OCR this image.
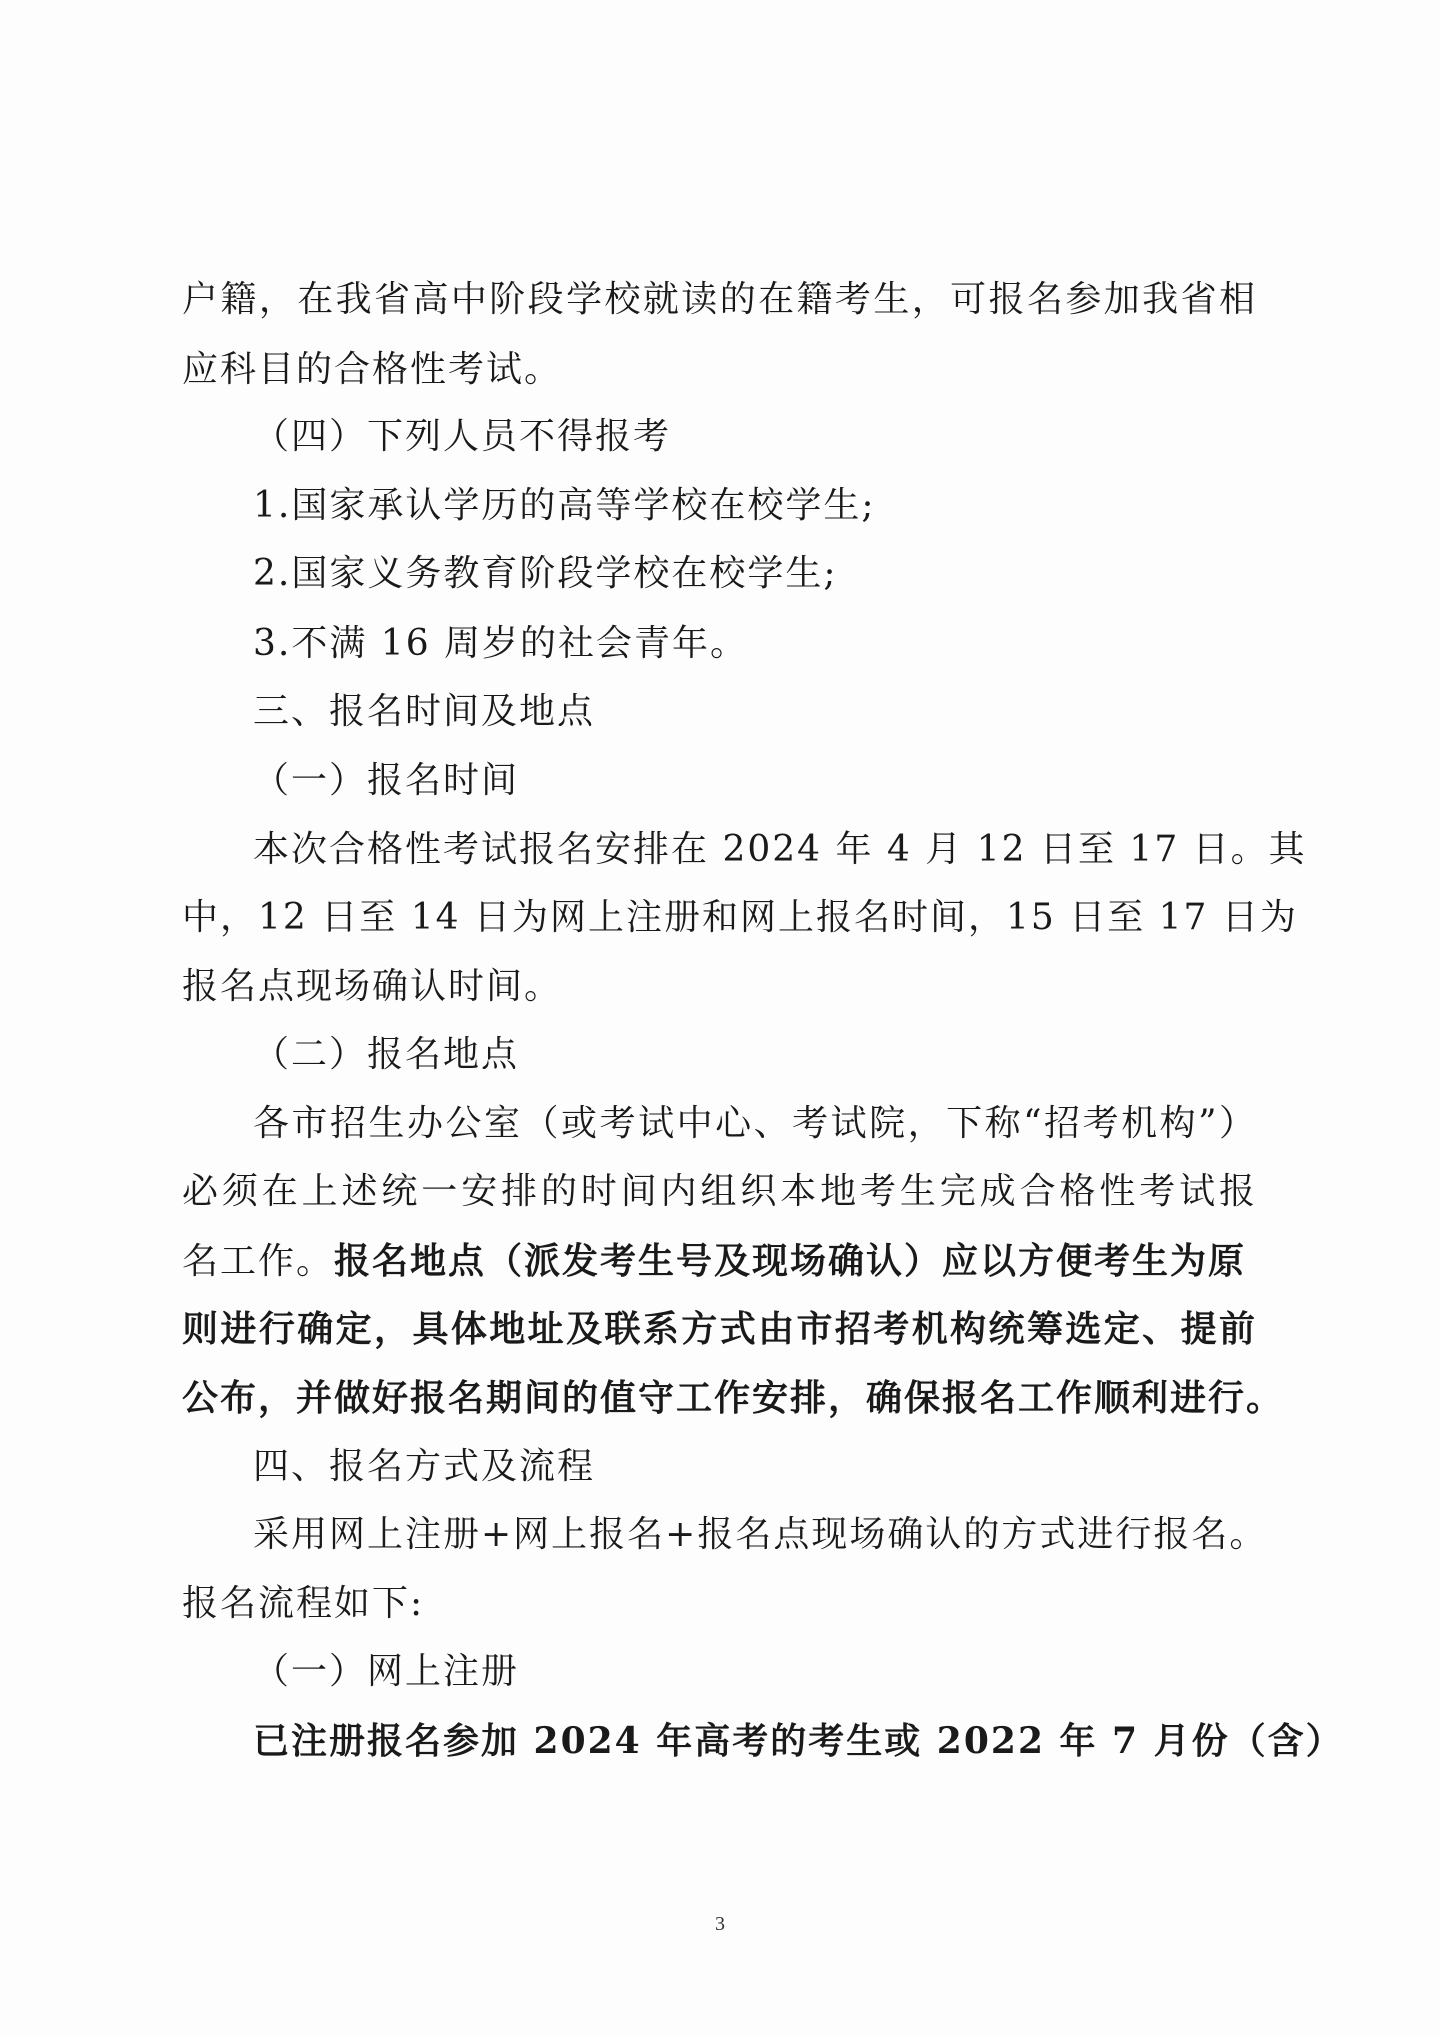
户籍，在我省高中阶段学校就读的在籍考生，可报名参加我省相
应科目的合格性考试。
（四）下列人员不得报考
1.国家承认学历的高等学校在校学生;
2.国家义务教育阶段学校在校学生;
3.不满 16 周岁的社会青年。
三、报名时间及地点
（一）报名时间
本次合格性考试报名安排在 2024 年 4 月 12 日至 17 日。其
中，12 日至 14 日为网上注册和网上报名时间，15 日至 17 日为
报名点现场确认时间。
（二）报名地点
各市招生办公室（或考试中心、考试院，下称“招考机构”）
必须在上述统一安排的时间内组织本地考生完成合格性考试报
名工作。报名地点（派发考生号及现场确认）应以方便考生为原
则进行确定，具体地址及联系方式由市招考机构统筹选定、提前
公布，并做好报名期间的值守工作安排，确保报名工作顺利进行。
四、报名方式及流程
采用网上注册+网上报名+报名点现场确认的方式进行报名。
报名流程如下:
（一）网上注册
已注册报名参加 2024 年高考的考生或 2022 年 7 月份（含）
3
